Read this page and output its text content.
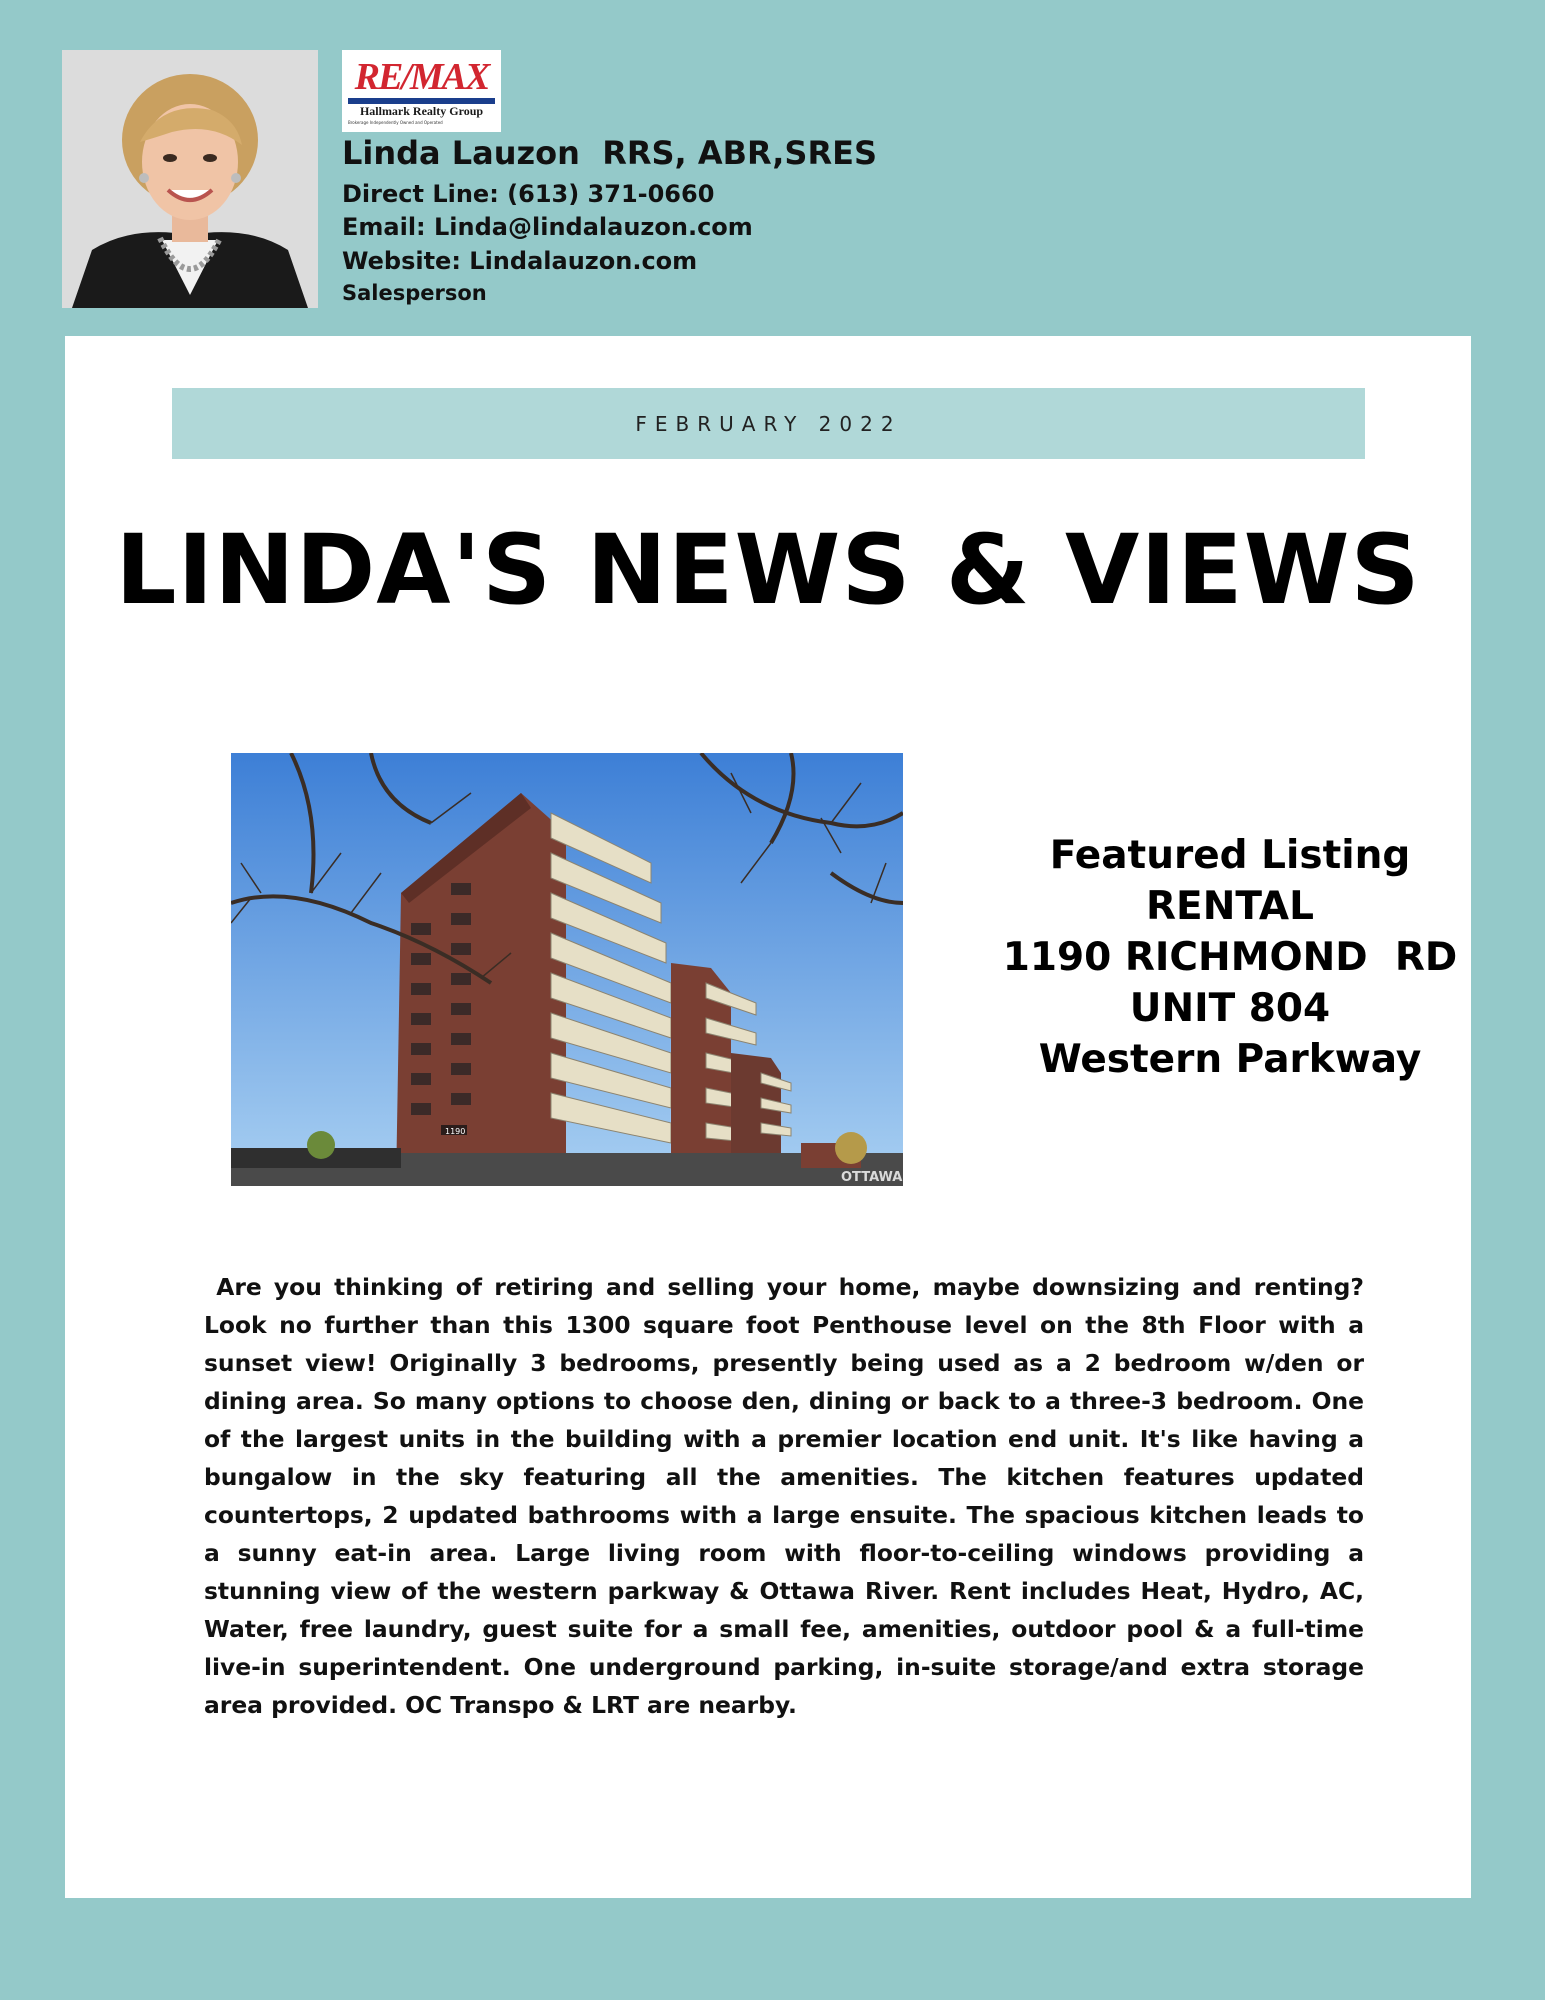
RE/MAX
Hallmark Realty Group
Brokerage Independently Owned and Operated
Linda Lauzon  RRS, ABR,SRES
Direct Line: (613) 371-0660
Email: Linda@lindalauzon.com
Website: Lindalauzon.com
Salesperson
FEBRUARY 2022
LINDA'S NEWS & VIEWS
1190
OTTAWA
Featured Listing
RENTAL
1190 RICHMOND  RD
UNIT 804
Western Parkway
Are you thinking of retiring and selling your home, maybe downsizing and renting? Look no further than this 1300 square foot Penthouse level on the 8th Floor with a sunset view! Originally 3 bedrooms, presently being used as a 2 bedroom w/den or dining area. So many options to choose den, dining or back to a three-3 bedroom. One of the largest units in the building with a premier location end unit. It's like having a bungalow in the sky featuring all the amenities. The kitchen features updated countertops, 2 updated bathrooms with a large ensuite. The spacious kitchen leads to a sunny eat-in area. Large living room with floor-to-ceiling windows providing a stunning view of the western parkway & Ottawa River. Rent includes Heat, Hydro, AC, Water, free laundry, guest suite for a small fee, amenities, outdoor pool & a full-time live-in superintendent. One underground parking, in-suite storage/and extra storage area provided. OC Transpo & LRT are nearby.
